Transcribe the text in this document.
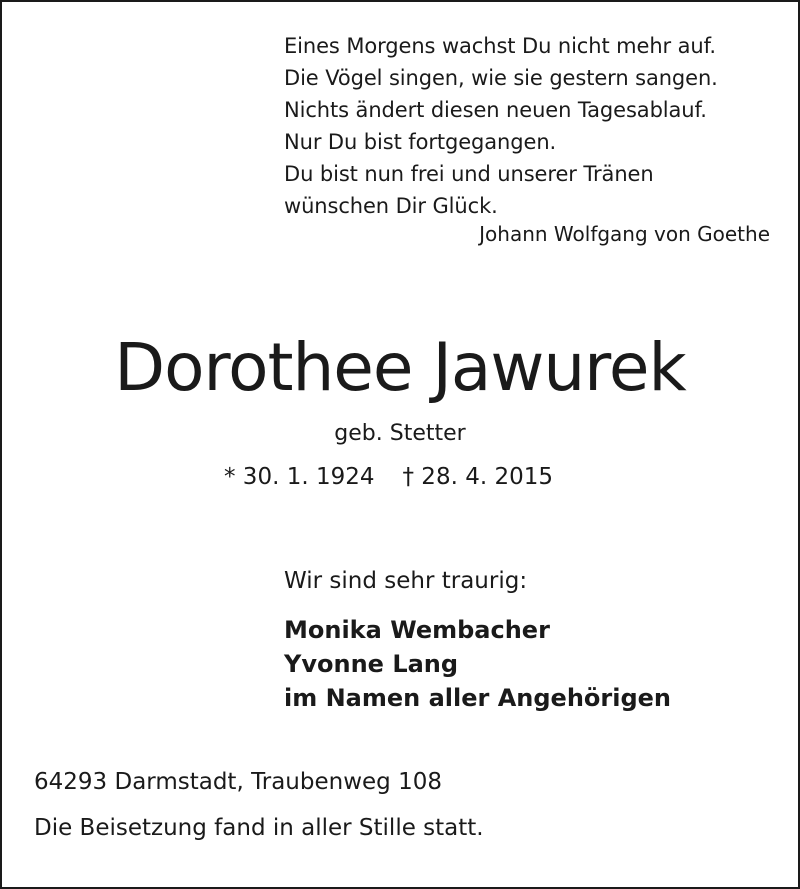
Eines Morgens wachst Du nicht mehr auf.
Die Vögel singen, wie sie gestern sangen.
Nichts ändert diesen neuen Tagesablauf.
Nur Du bist fortgegangen.
Du bist nun frei und unserer Tränen
wünschen Dir Glück.
Johann Wolfgang von Goethe
Dorothee Jawurek
geb. Stetter
* 30. 1. 1924 † 28. 4. 2015
Wir sind sehr traurig:
Monika Wembacher
Yvonne Lang
im Namen aller Angehörigen
64293 Darmstadt, Traubenweg 108
Die Beisetzung fand in aller Stille statt.
